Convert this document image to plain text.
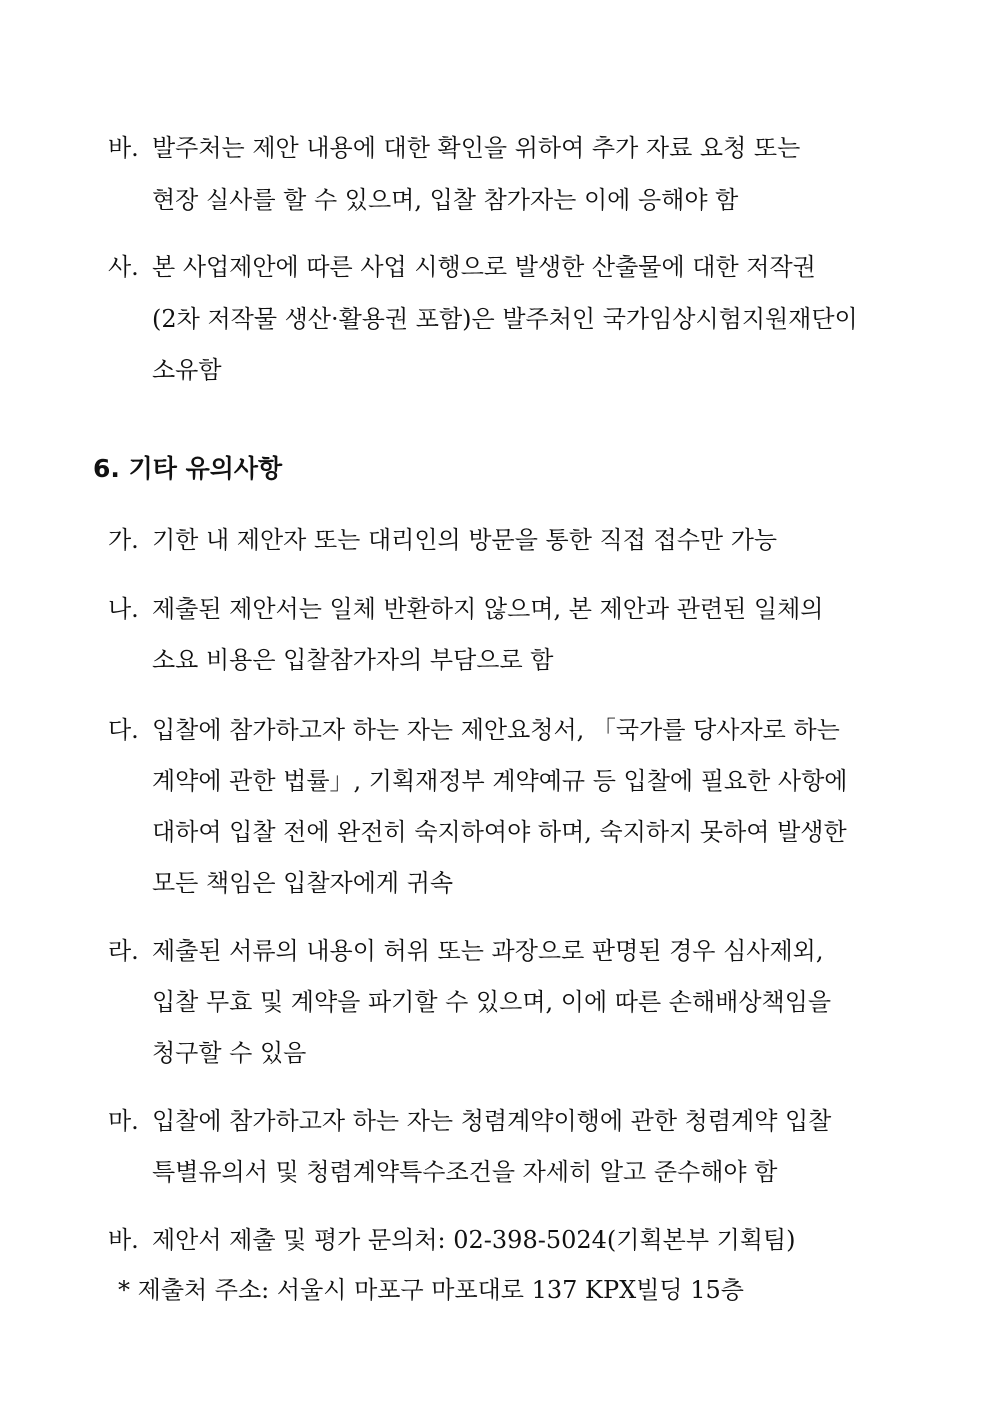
바. 발주처는 제안 내용에 대한 확인을 위하여 추가 자료 요청 또는
현장 실사를 할 수 있으며, 입찰 참가자는 이에 응해야 함
사. 본 사업제안에 따른 사업 시행으로 발생한 산출물에 대한 저작권
(2차 저작물 생산·활용권 포함)은 발주처인 국가임상시험지원재단이
소유함
6. 기타 유의사항
가. 기한 내 제안자 또는 대리인의 방문을 통한 직접 접수만 가능
나. 제출된 제안서는 일체 반환하지 않으며, 본 제안과 관련된 일체의
소요 비용은 입찰참가자의 부담으로 함
다. 입찰에 참가하고자 하는 자는 제안요청서, 「국가를 당사자로 하는
계약에 관한 법률」, 기획재정부 계약예규 등 입찰에 필요한 사항에
대하여 입찰 전에 완전히 숙지하여야 하며, 숙지하지 못하여 발생한
모든 책임은 입찰자에게 귀속
라. 제출된 서류의 내용이 허위 또는 과장으로 판명된 경우 심사제외,
입찰 무효 및 계약을 파기할 수 있으며, 이에 따른 손해배상책임을
청구할 수 있음
마. 입찰에 참가하고자 하는 자는 청렴계약이행에 관한 청렴계약 입찰
특별유의서 및 청렴계약특수조건을 자세히 알고 준수해야 함
바. 제안서 제출 및 평가 문의처: 02-398-5024(기획본부 기획팀)
* 제출처 주소: 서울시 마포구 마포대로 137 KPX빌딩 15층
